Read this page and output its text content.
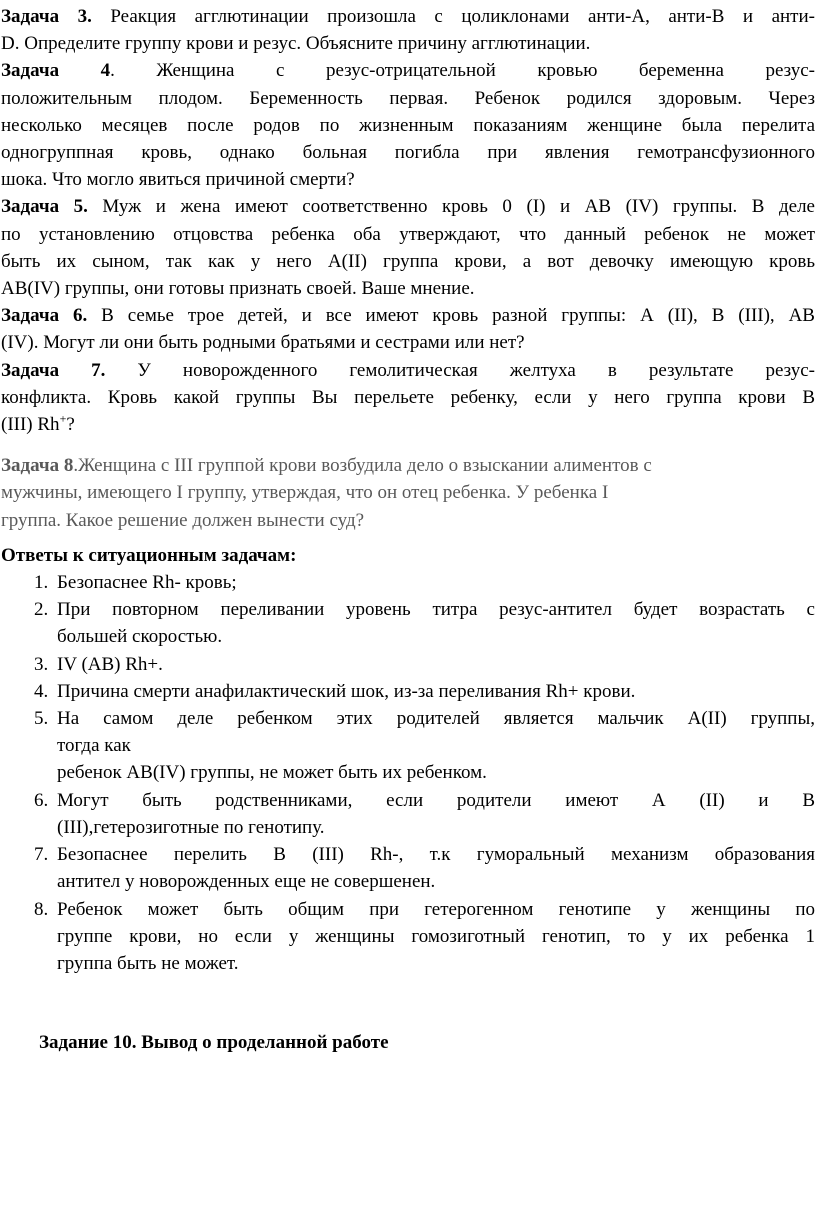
Задача 3. Реакция агглютинации произошла с цоликлонами анти-А, анти-В и анти-
D. Определите группу крови и резус. Объясните причину агглютинации.

Задача 4. Женщина с резус-отрицательной кровью беременна резус-
положительным плодом. Беременность первая. Ребенок родился здоровым. Через
несколько месяцев после родов по жизненным показаниям женщине была перелита
одногруппная кровь, однако больная погибла при явления гемотрансфузионного
шока. Что могло явиться причиной смерти?

Задача 5. Муж и жена имеют соответственно кровь 0 (I) и АВ (IV) группы. В деле
по установлению отцовства ребенка оба утверждают, что данный ребенок не может
быть их сыном, так как у него А(II) группа крови, а вот девочку имеющую кровь
АВ(IV) группы, они готовы признать своей. Ваше мнение.

Задача 6. В семье трое детей, и все имеют кровь разной группы: А (II), В (III), АВ
(IV). Могут ли они быть родными братьями и сестрами или нет?

Задача 7. У новорожденного гемолитическая желтуха в результате резус-
конфликта. Кровь какой группы Вы перельете ребенку, если у него группа крови В
(III) Rh+?

Задача 8.Женщина с III группой крови возбудила дело о взыскании алиментов с
мужчины, имеющего I группу, утверждая, что он отец ребенка. У ребенка I
группа. Какое решение должен вынести суд?

Ответы к ситуационным задачам:

1. Безопаснее Rh- кровь;
2. При повторном переливании уровень титра резус-антител будет возрастать с
большей скоростью.
3. IV (АВ) Rh+.
4. Причина смерти анафилактический шок, из-за переливания Rh+ крови.
5. На самом деле ребенком этих родителей является мальчик А(II) группы,
тогда как
ребенок АВ(IV) группы, не может быть их ребенком.
6. Могут быть родственниками, если родители имеют А (II) и В
(III),гетерозиготные по генотипу.
7. Безопаснее перелить В (III) Rh-, т.к гуморальный механизм образования
антител у новорожденных еще не совершенен.
8. Ребенок может быть общим при гетерогенном генотипе у женщины по
группе крови, но если у женщины гомозиготный генотип, то у их ребенка 1
группа быть не может.

Задание 10. Вывод о проделанной работе
